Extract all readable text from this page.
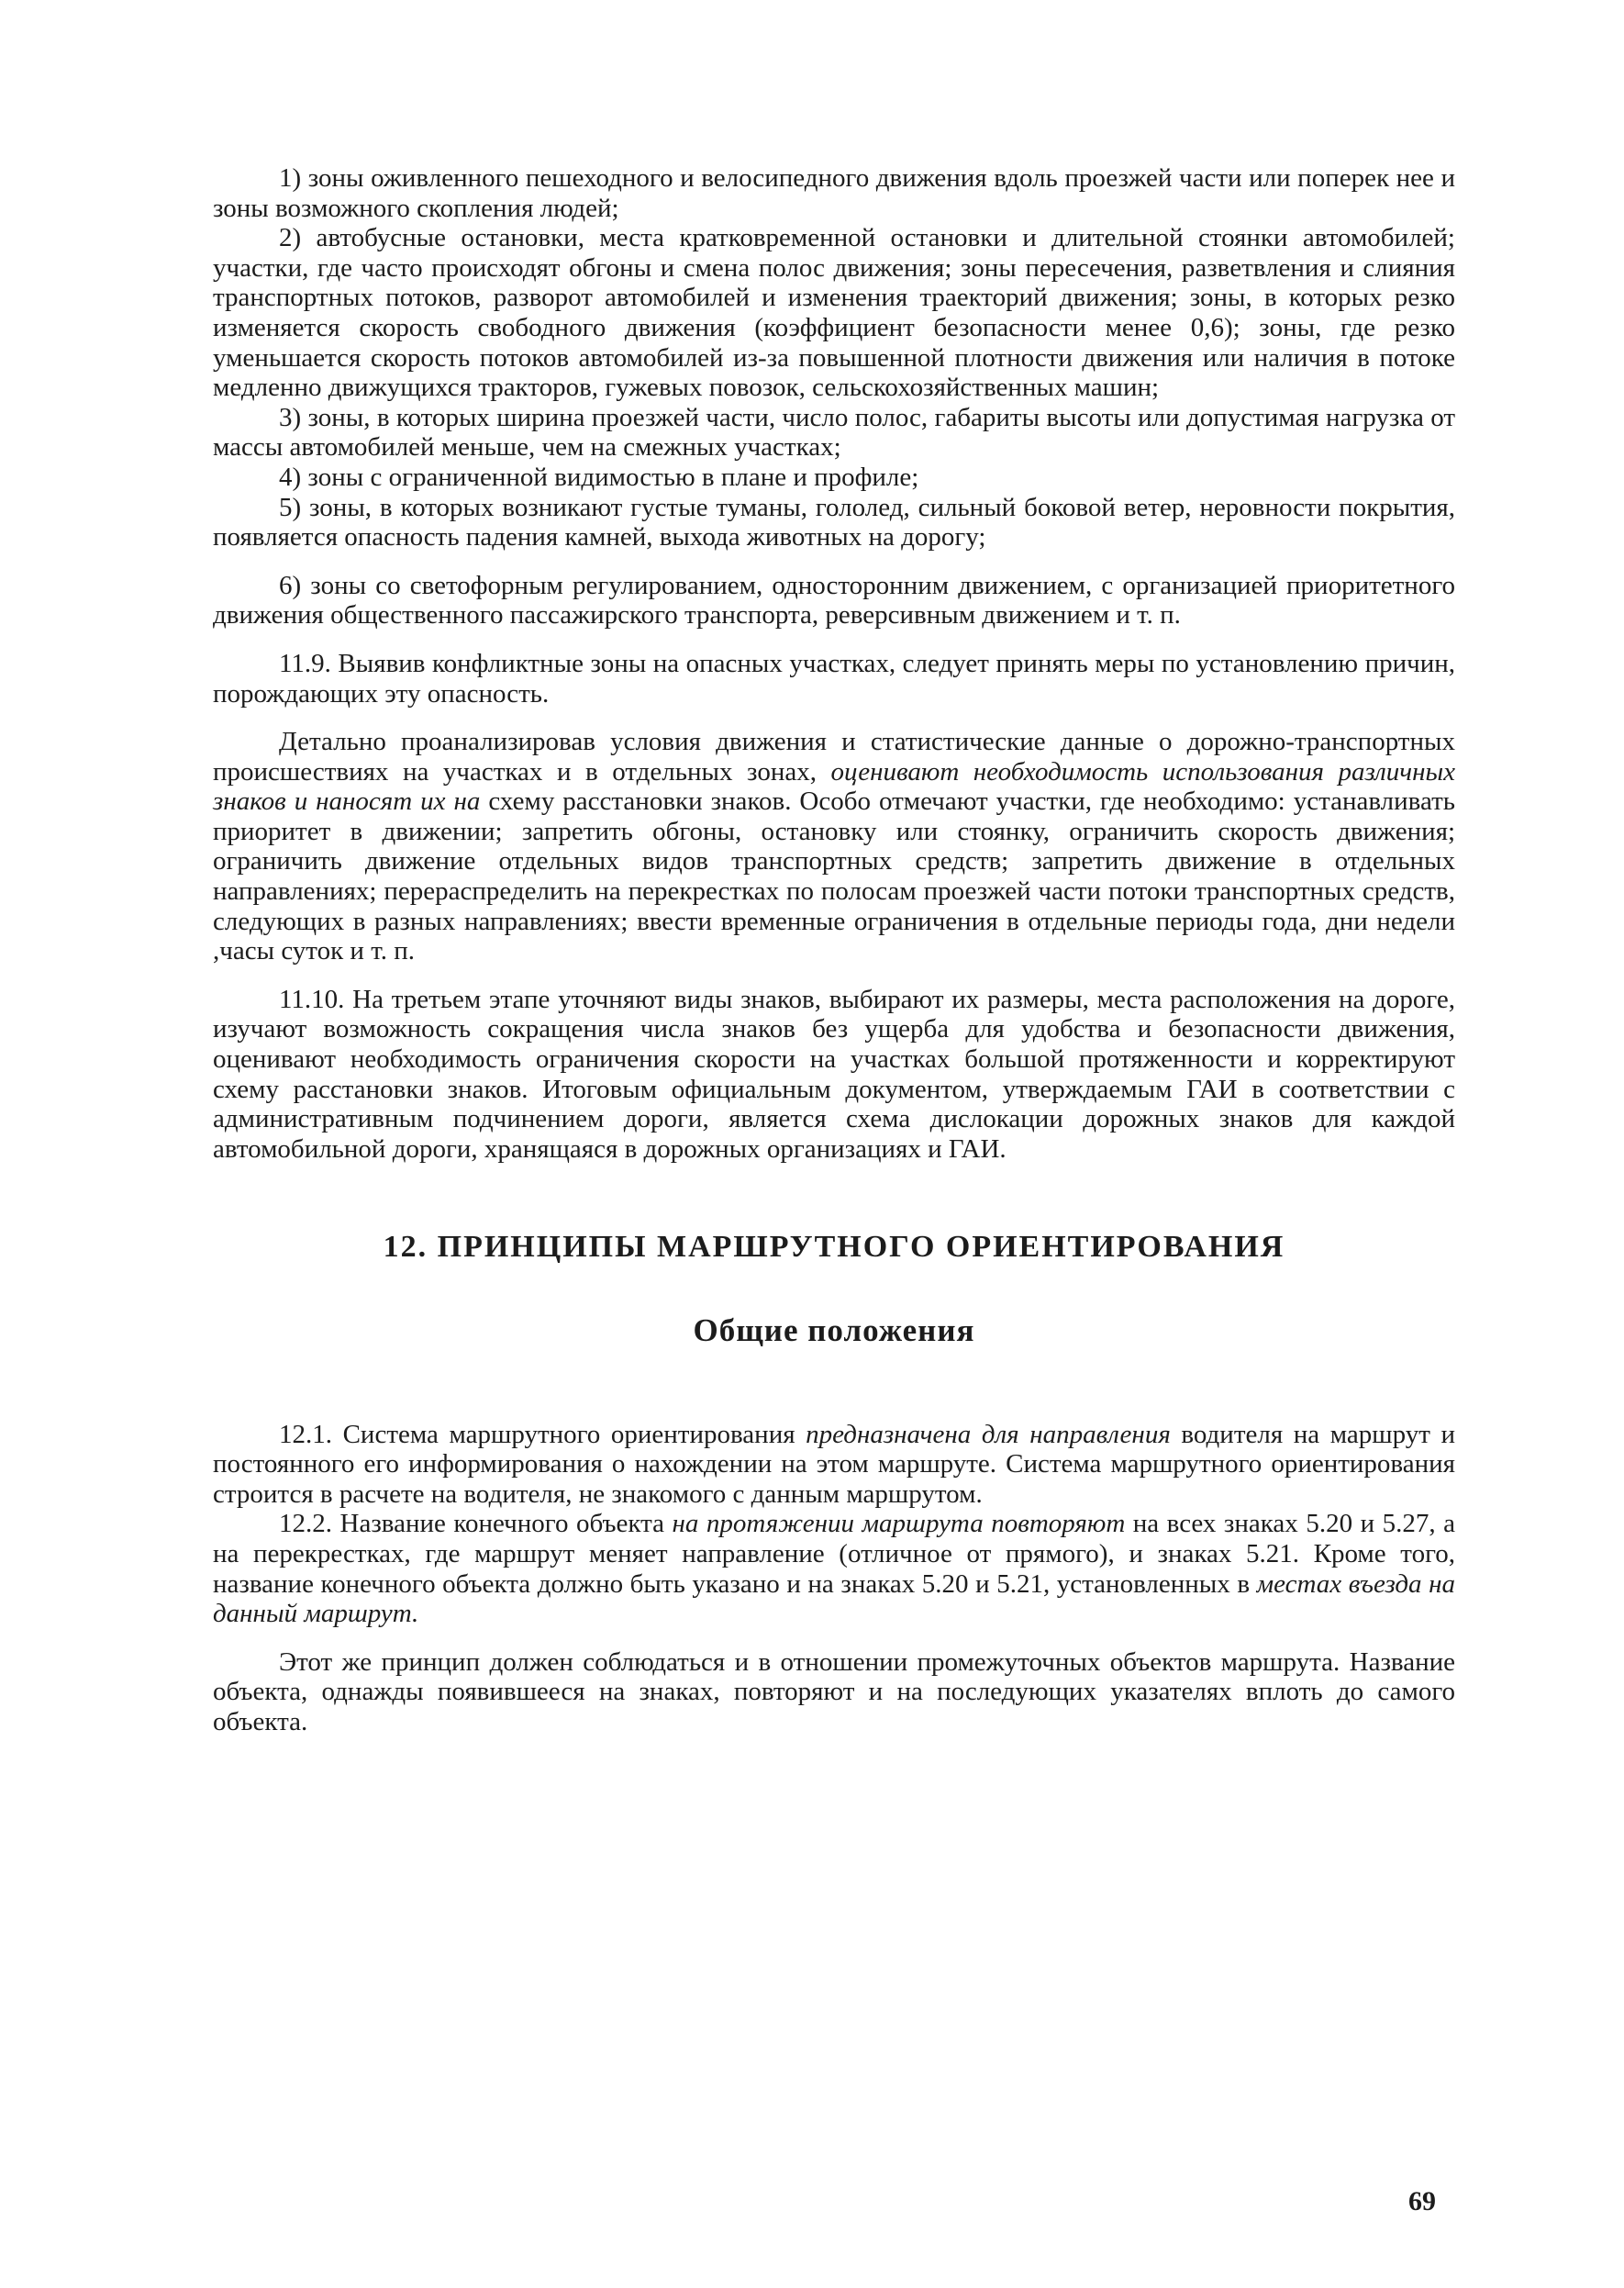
1) зоны оживленного пешеходного и велосипедного движения вдоль проезжей части или поперек нее и зоны возможного скопления людей;

2) автобусные остановки, места кратковременной остановки и длительной стоянки автомобилей; участки, где часто происходят обгоны и смена полос движения; зоны пересечения, разветвления и слияния транспортных потоков, разворот автомобилей и изменения траекторий движения; зоны, в которых резко изменяется скорость свободного движения (коэффициент безопасности менее 0,6); зоны, где резко уменьшается скорость потоков автомобилей из-за повышенной плотности движения или наличия в потоке медленно движущихся тракторов, гужевых повозок, сельскохозяйственных машин;

3) зоны, в которых ширина проезжей части, число полос, габариты высоты или допустимая нагрузка от массы автомобилей меньше, чем на смежных участках;

4) зоны с ограниченной видимостью в плане и профиле;

5) зоны, в которых возникают густые туманы, гололед, сильный боковой ветер, неровности покрытия, появляется опасность падения камней, выхода животных на дорогу;

6) зоны со светофорным регулированием, односторонним движением, с организацией приоритетного движения общественного пассажирского транспорта, реверсивным движением и т. п.

11.9. Выявив конфликтные зоны на опасных участках, следует принять меры по установлению причин, порождающих эту опасность.

Детально проанализировав условия движения и статистические данные о дорожно-транспортных происшествиях на участках и в отдельных зонах, оценивают необходимость использования различных знаков и наносят их на схему расстановки знаков. Особо отмечают участки, где необходимо: устанавливать приоритет в движении; запретить обгоны, остановку или стоянку, ограничить скорость движения; ограничить движение отдельных видов транспортных средств; запретить движение в отдельных направлениях; перераспределить на перекрестках по полосам проезжей части потоки транспортных средств, следующих в разных направлениях; ввести временные ограничения в отдельные периоды года, дни недели ,часы суток и т. п.

11.10. На третьем этапе уточняют виды знаков, выбирают их размеры, места расположения на дороге, изучают возможность сокращения числа знаков без ущерба для удобства и безопасности движения, оценивают необходимость ограничения скорости на участках большой протяженности и корректируют схему расстановки знаков. Итоговым официальным документом, утверждаемым ГАИ в соответствии с административным подчинением дороги, является схема дислокации дорожных знаков для каждой автомобильной дороги, хранящаяся в дорожных организациях и ГАИ.

12. ПРИНЦИПЫ МАРШРУТНОГО ОРИЕНТИРОВАНИЯ
Общие положения

12.1. Система маршрутного ориентирования предназначена для направления водителя на маршрут и постоянного его информирования о нахождении на этом маршруте. Система маршрутного ориентирования строится в расчете на водителя, не знакомого с данным маршрутом.

12.2. Название конечного объекта на протяжении маршрута повторяют на всех знаках 5.20 и 5.27, а на перекрестках, где маршрут меняет направление (отличное от прямого), и знаках 5.21. Кроме того, название конечного объекта должно быть указано и на знаках 5.20 и 5.21, установленных в местах въезда на данный маршрут.

Этот же принцип должен соблюдаться и в отношении промежуточных объектов маршрута. Название объекта, однажды появившееся на знаках, повторяют и на последующих указателях вплоть до самого объекта.

69
